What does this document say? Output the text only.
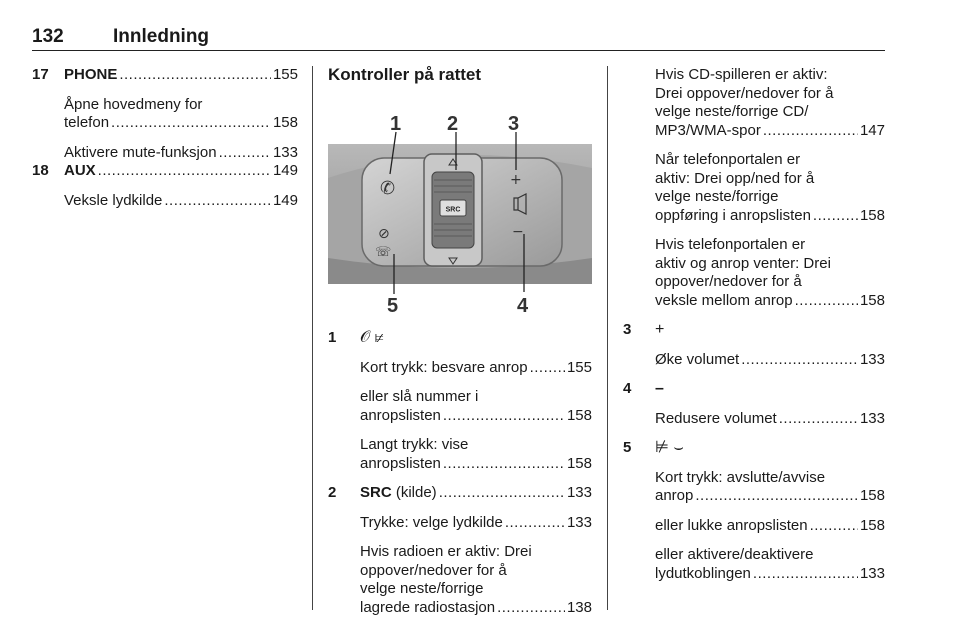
132	Innledning
17	PHONE .....	155
Åpne hovedmeny for
telefon .....	158
Aktivere mute-funksjon .....	133
18	AUX .....	149
Veksle lydkilde .....	149
Kontroller på rattet
SRC
✆
⊘
☏
+
−
1 2 3
4
5
1 𝒪 ⊭
Kort trykk: besvare anrop .....	155
eller slå nummer i
anropslisten .....	158
Langt trykk: vise
anropslisten .....	158
2 SRC (kilde) .....	133
Trykke: velge lydkilde .....	133
Hvis radioen er aktiv: Drei
oppover/nedover for å
velge neste/forrige
lagrede radiostasjon .....	138
Hvis CD-spilleren er aktiv:
Drei oppover/nedover for å
velge neste/forrige CD/
MP3/WMA-spor .....	147
Når telefonportalen er
aktiv: Drei opp/ned for å
velge neste/forrige
oppføring i anropslisten .....	158
Hvis telefonportalen er
aktiv og anrop venter: Drei
oppover/nedover for å
veksle mellom anrop .....	158
3 +
Øke volumet .....	133
4 –
Redusere volumet .....	133
5 ⊭ ⌣
Kort trykk: avslutte/avvise
anrop .....	158
eller lukke anropslisten .....	158
eller aktivere/deaktivere
lydutkoblingen .....	133
